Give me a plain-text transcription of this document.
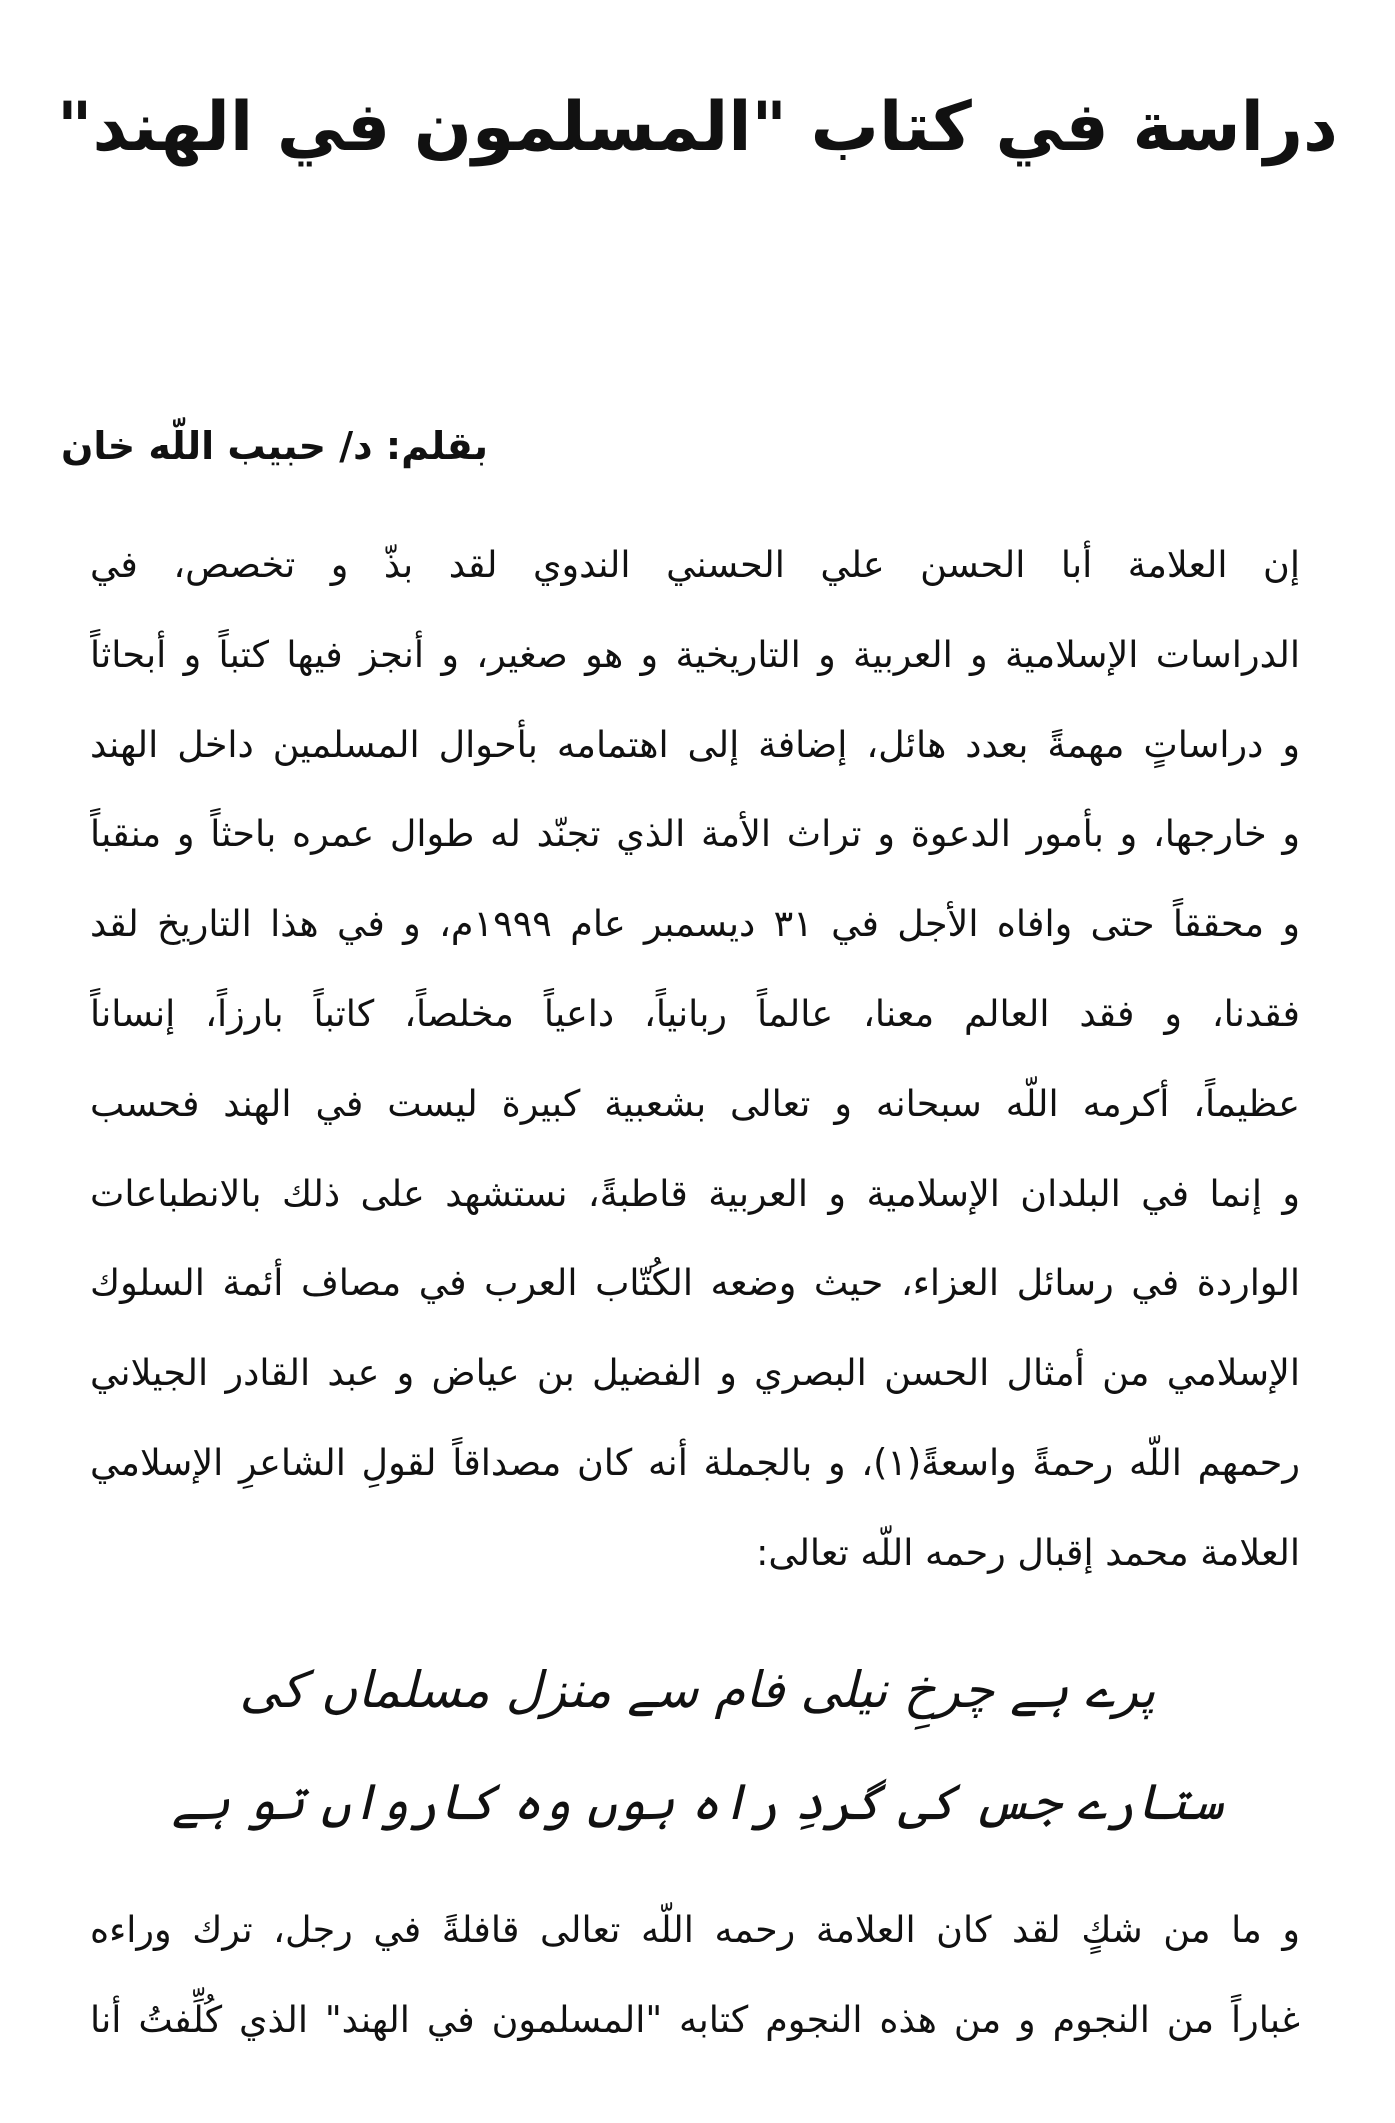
دراسة في كتاب "المسلمون في الهند"
بقلم: د/ حبيب اللّه خان
إن العلامة أبا الحسن علي الحسني الندوي لقد بذّ و تخصص، في
الدراسات الإسلامية و العربية و التاريخية و هو صغير، و أنجز فيها كتباً و أبحاثاً
و دراساتٍ مهمةً بعدد هائل، إضافة إلى اهتمامه بأحوال المسلمين داخل الهند
و خارجها، و بأمور الدعوة و تراث الأمة الذي تجنّد له طوال عمره باحثاً و منقباً
و محققاً حتى وافاه الأجل في ٣١ ديسمبر عام ١٩٩٩م، و في هذا التاريخ لقد
فقدنا، و فقد العالم معنا، عالماً ربانياً، داعياً مخلصاً، كاتباً بارزاً، إنساناً
عظيماً، أكرمه اللّه سبحانه و تعالى بشعبية كبيرة ليست في الهند فحسب
و إنما في البلدان الإسلامية و العربية قاطبةً، نستشهد على ذلك بالانطباعات
الواردة في رسائل العزاء، حيث وضعه الكُتّاب العرب في مصاف أئمة السلوك
الإسلامي من أمثال الحسن البصري و الفضيل بن عياض و عبد القادر الجيلاني
رحمهم اللّه رحمةً واسعةً(١)، و بالجملة أنه كان مصداقاً لقولِ الشاعرِ الإسلامي
العلامة محمد إقبال رحمه اللّه تعالى:
پرے ہے چرخِ نیلی فام سے منزل مسلماں کی
ستارے جس کی گردِ راہ ہوں وہ کارواں تو ہے
و ما من شكٍ لقد كان العلامة رحمه اللّه تعالى قافلةً في رجل، ترك وراءه
غباراً من النجوم و من هذه النجوم كتابه "المسلمون في الهند" الذي كُلِّفتُ أنا
